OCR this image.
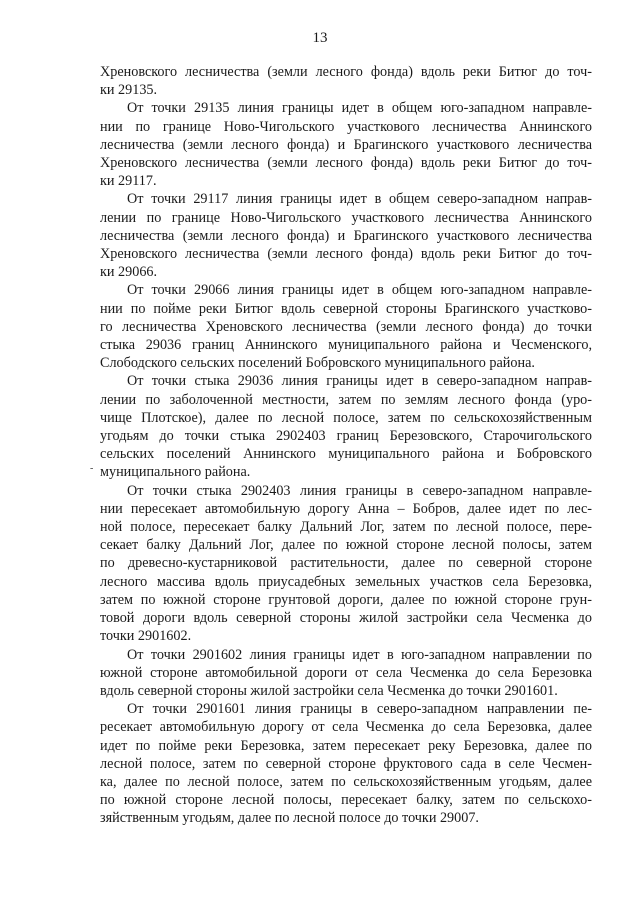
13
-
Хреновского лесничества (земли лесного фонда) вдоль реки Битюг до точ-
ки 29135.
От точки 29135 линия границы идет в общем юго-западном направле-
нии по границе Ново-Чигольского участкового лесничества Аннинского
лесничества (земли лесного фонда) и Брагинского участкового лесничества
Хреновского лесничества (земли лесного фонда) вдоль реки Битюг до точ-
ки 29117.
От точки 29117 линия границы идет в общем северо-западном направ-
лении по границе Ново-Чигольского участкового лесничества Аннинского
лесничества (земли лесного фонда) и Брагинского участкового лесничества
Хреновского лесничества (земли лесного фонда) вдоль реки Битюг до точ-
ки 29066.
От точки 29066 линия границы идет в общем юго-западном направле-
нии по пойме реки Битюг вдоль северной стороны Брагинского участково-
го лесничества Хреновского лесничества (земли лесного фонда) до точки
стыка 29036 границ Аннинского муниципального района и Чесменского,
Слободского сельских поселений Бобровского муниципального района.
От точки стыка 29036 линия границы идет в северо-западном направ-
лении по заболоченной местности, затем по землям лесного фонда (уро-
чище Плотское), далее по лесной полосе, затем по сельскохозяйственным
угодьям до точки стыка 2902403 границ Березовского, Старочигольского
сельских поселений Аннинского муниципального района и Бобровского
муниципального района.
От точки стыка 2902403 линия границы в северо-западном направле-
нии пересекает автомобильную дорогу Анна – Бобров, далее идет по лес-
ной полосе, пересекает балку Дальний Лог, затем по лесной полосе, пере-
секает балку Дальний Лог, далее по южной стороне лесной полосы, затем
по древесно-кустарниковой растительности, далее по северной стороне
лесного массива вдоль приусадебных земельных участков села Березовка,
затем по южной стороне грунтовой дороги, далее по южной стороне грун-
товой дороги вдоль северной стороны жилой застройки села Чесменка до
точки 2901602.
От точки 2901602 линия границы идет в юго-западном направлении по
южной стороне автомобильной дороги от села Чесменка до села Березовка
вдоль северной стороны жилой застройки села Чесменка до точки 2901601.
От точки 2901601 линия границы в северо-западном направлении пе-
ресекает автомобильную дорогу от села Чесменка до села Березовка, далее
идет по пойме реки Березовка, затем пересекает реку Березовка, далее по
лесной полосе, затем по северной стороне фруктового сада в селе Чесмен-
ка, далее по лесной полосе, затем по сельскохозяйственным угодьям, далее
по южной стороне лесной полосы, пересекает балку, затем по сельскохо-
зяйственным угодьям, далее по лесной полосе до точки 29007.
